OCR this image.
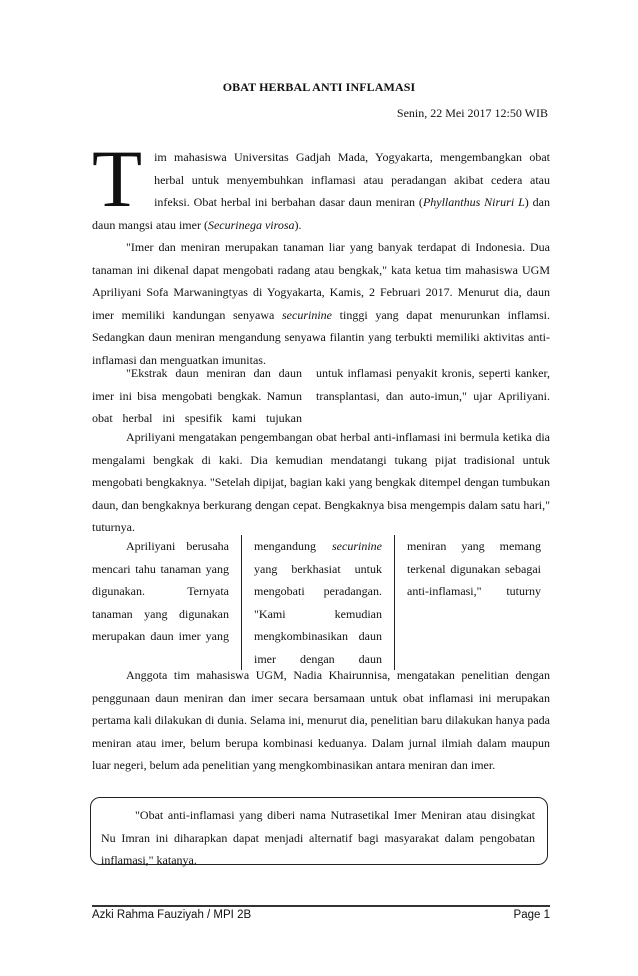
OBAT HERBAL ANTI INFLAMASI
Senin, 22 Mei 2017 12:50 WIB
T	im mahasiswa Universitas Gadjah Mada, Yogyakarta, mengembangkan obat herbal untuk menyembuhkan inflamasi atau peradangan akibat cedera atau infeksi. Obat herbal ini berbahan dasar daun meniran (Phyllanthus Niruri L) dan daun mangsi atau imer (Securinega virosa).

"Imer dan meniran merupakan tanaman liar yang banyak terdapat di Indonesia. Dua tanaman ini dikenal dapat mengobati radang atau bengkak," kata ketua tim mahasiswa UGM Apriliyani Sofa Marwaningtyas di Yogyakarta, Kamis, 2 Februari 2017. Menurut dia, daun imer memiliki kandungan senyawa securinine tinggi yang dapat menurunkan inflamsi. Sedangkan daun meniran mengandung senyawa filantin yang terbukti memiliki aktivitas anti-inflamasi dan menguatkan imunitas.

"Ekstrak daun meniran dan daun imer ini bisa mengobati bengkak. Namun obat herbal ini spesifik kami tujukan
untuk inflamasi penyakit kronis, seperti kanker, transplantasi, dan auto-imun," ujar Apriliyani.

Apriliyani mengatakan pengembangan obat herbal anti-inflamasi ini bermula ketika dia mengalami bengkak di kaki. Dia kemudian mendatangi tukang pijat tradisional untuk mengobati bengkaknya. "Setelah dipijat, bagian kaki yang bengkak ditempel dengan tumbukan daun, dan bengkaknya berkurang dengan cepat. Bengkaknya bisa mengempis dalam satu hari," tuturnya.

Apriliyani berusaha mencari tahu tanaman yang digunakan. Ternyata tanaman yang digunakan merupakan daun imer yang
mengandung securinine yang berkhasiat untuk mengobati peradangan. "Kami kemudian mengkombinasikan daun imer dengan daun
meniran yang memang terkenal digunakan sebagai anti-inflamasi," tuturny

Anggota tim mahasiswa UGM, Nadia Khairunnisa, mengatakan penelitian dengan penggunaan daun meniran dan imer secara bersamaan untuk obat inflamasi ini merupakan pertama kali dilakukan di dunia. Selama ini, menurut dia, penelitian baru dilakukan hanya pada meniran atau imer, belum berupa kombinasi keduanya. Dalam jurnal ilmiah dalam maupun luar negeri, belum ada penelitian yang mengkombinasikan antara meniran dan imer.

"Obat anti-inflamasi yang diberi nama Nutrasetikal Imer Meniran atau disingkat Nu Imran ini diharapkan dapat menjadi alternatif bagi masyarakat dalam pengobatan inflamasi," katanya.
Azki Rahma Fauziyah / MPI 2B	Page 1
